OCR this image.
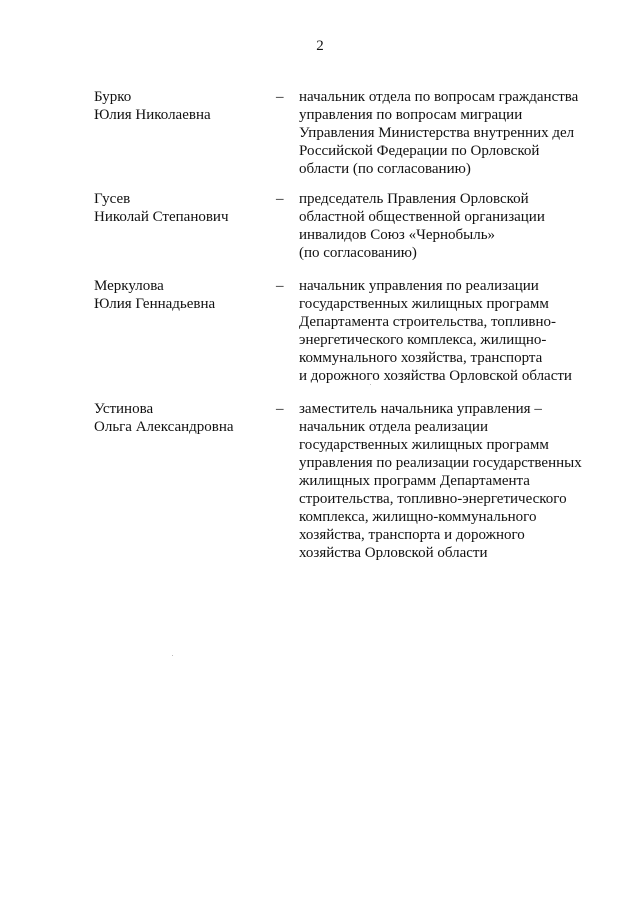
2
Бурко
Юлия Николаевна
– начальник отдела по вопросам гражданства
управления по вопросам миграции
Управления Министерства внутренних дел
Российской Федерации по Орловской
области (по согласованию)
Гусев
Николай Степанович
– председатель Правления Орловской
областной общественной организации
инвалидов Союз «Чернобыль»
(по согласованию)
Меркулова
Юлия Геннадьевна
– начальник управления по реализации
государственных жилищных программ
Департамента строительства, топливно-
энергетического комплекса, жилищно-
коммунального хозяйства, транспорта
и дорожного хозяйства Орловской области
Устинова
Ольга Александровна
– заместитель начальника управления –
начальник отдела реализации
государственных жилищных программ
управления по реализации государственных
жилищных программ Департамента
строительства, топливно-энергетического
комплекса, жилищно-коммунального
хозяйства, транспорта и дорожного
хозяйства Орловской области
